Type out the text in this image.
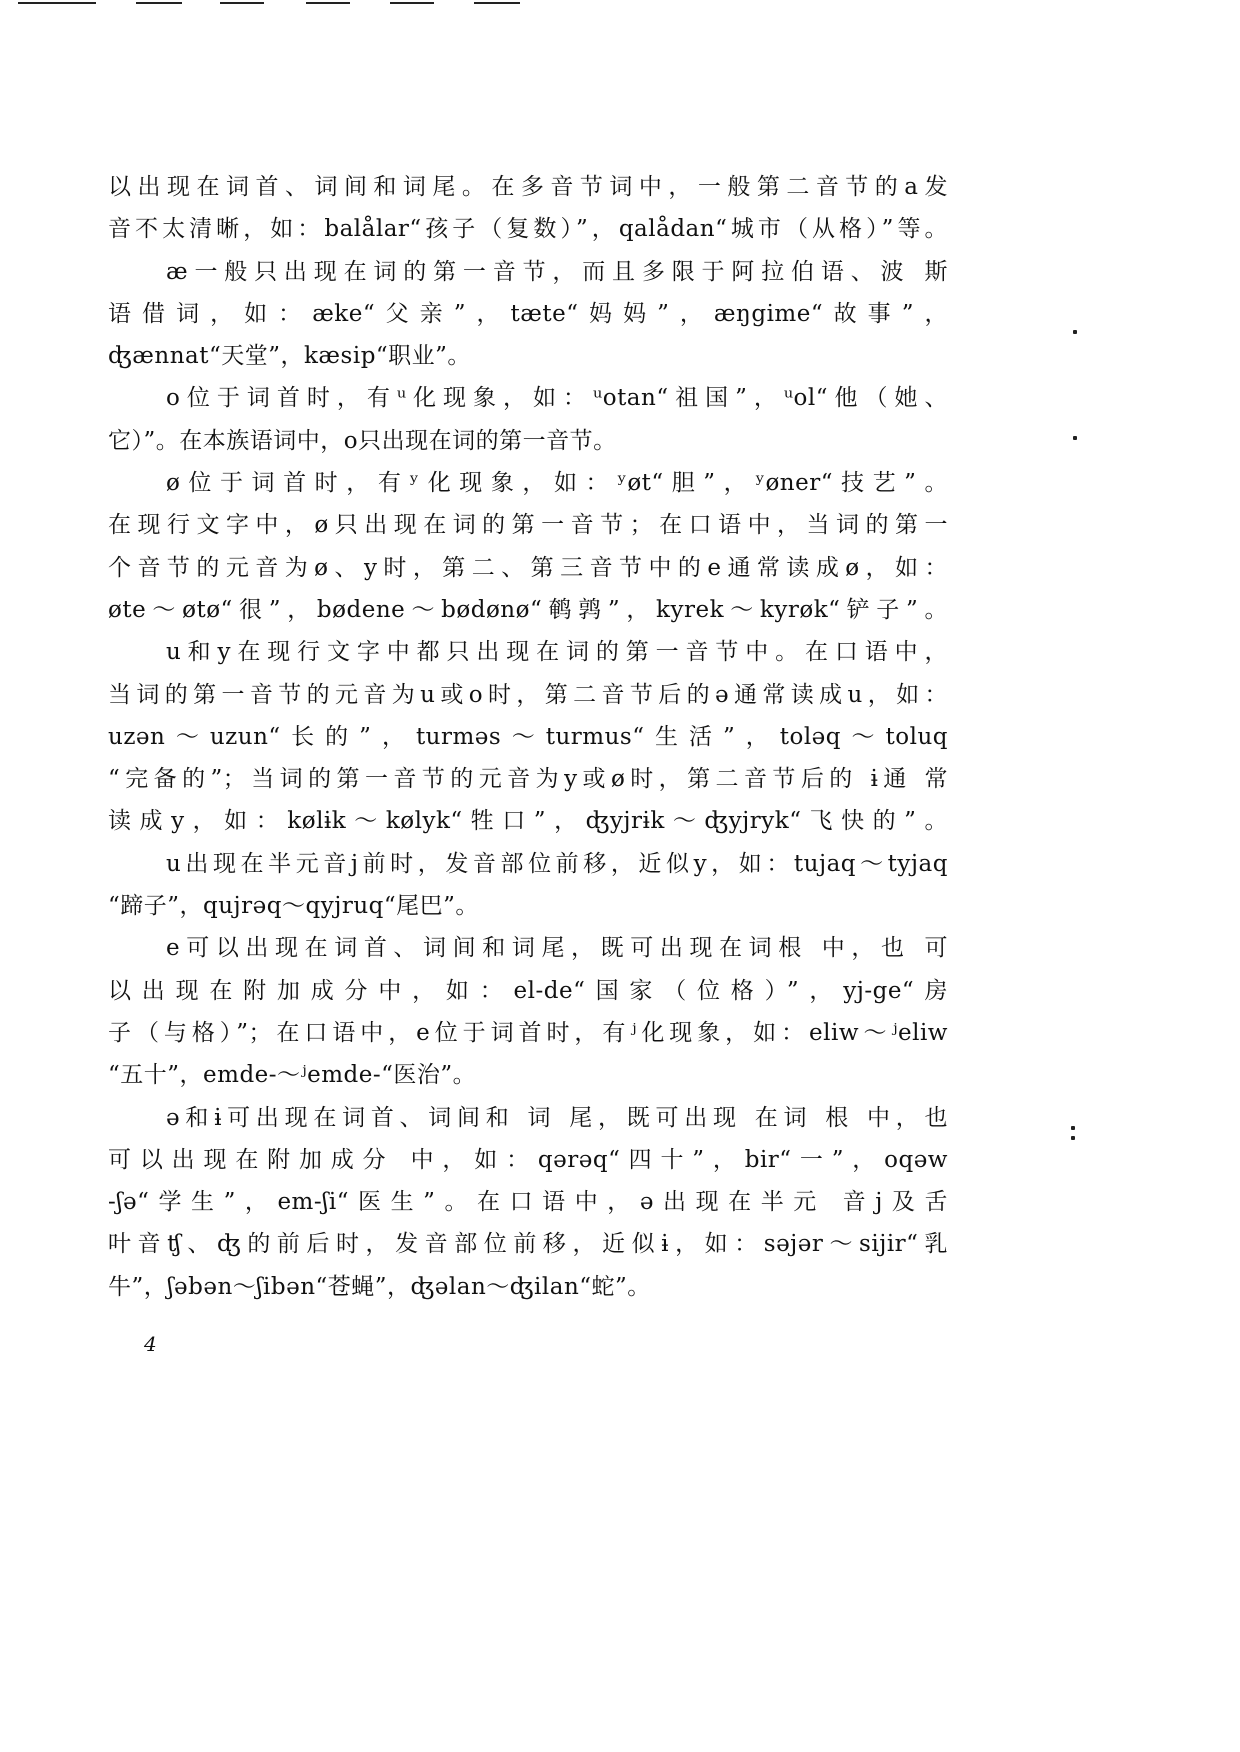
以出现在词首、词间和词尾。在多音节词中，一般第二音节的a发
音不太清晰，如：balålar“孩子（复数）”，qalådan“城市（从格）”等。
æ一般只出现在词的第一音节，而且多限于阿拉伯语、波 斯
语借词，如：æke“父亲”，tæte“妈妈”，æŋgime“故事”，
ʤænnat“天堂”，kæsip“职业”。
o位于词首时，有ᵘ化现象，如：ᵘotan“祖国”，ᵘol“他（她、
它）”。在本族语词中，o只出现在词的第一音节。
ø位于词首时，有ʸ化现象，如：ʸøt“胆”，ʸøner“技艺”。
在现行文字中，ø只出现在词的第一音节；在口语中，当词的第一
个音节的元音为ø、y时，第二、第三音节中的e通常读成ø，如：
øte～øtø“很”，bødene～bødønø“鹌鹑”，kyrek～kyrøk“铲子”。
u和y在现行文字中都只出现在词的第一音节中。在口语中，
当词的第一音节的元音为u或o时，第二音节后的ə通常读成u，如：
uzən～uzun“长的”，turməs～turmus“生活”，toləq～toluq
“完备的”；当词的第一音节的元音为y或ø时，第二音节后的 ɨ通 常
读成y，如：kølɨk～kølyk“牲口”，ʤyjrɨk～ʤyjryk“飞快的”。
u出现在半元音j前时，发音部位前移，近似y，如：tujaq～tyjaq
“蹄子”，qujrəq～qyjruq“尾巴”。
e可以出现在词首、词间和词尾，既可出现在词根 中，也 可
以出现在附加成分中，如：el-de“国家（位格）”，yj-ge“房
子（与格）”；在口语中，e位于词首时，有ʲ化现象，如：eliw～ʲeliw
“五十”，emde-～ʲemde-“医治”。
ə和ɨ可出现在词首、词间和 词 尾，既可出现 在词 根 中，也
可以出现在附加成分 中，如：qərəq“四十”，bir“一”，oqəw
-ʃə“学生”，em-ʃi“医生”。在口语中，ə出现在半元 音j及舌
叶音ʧ、ʤ的前后时，发音部位前移，近似ɨ，如：səjər～sijir“乳
牛”，ʃəbən～ʃibən“苍蝇”，ʤəlan～ʤilan“蛇”。
4
